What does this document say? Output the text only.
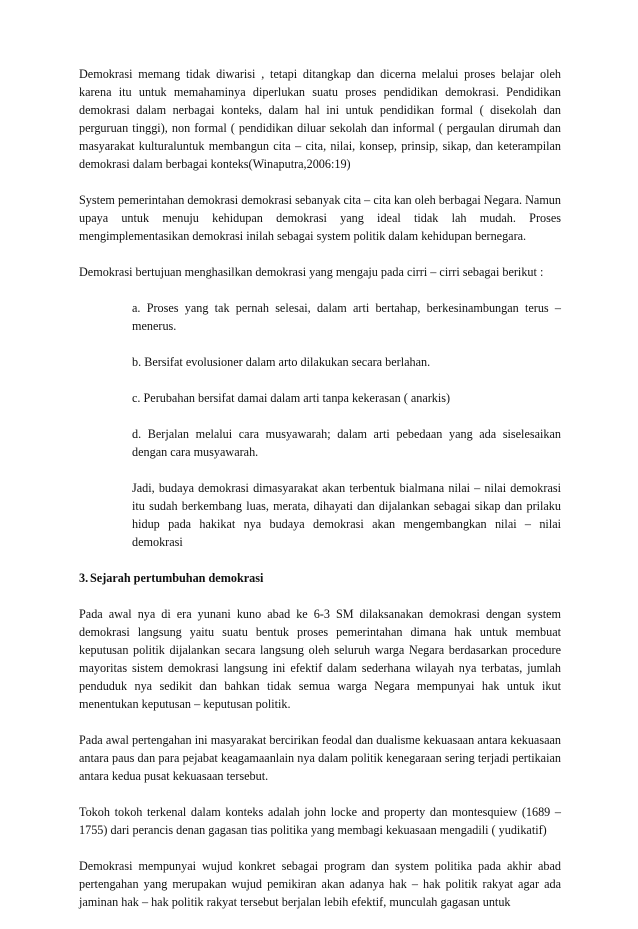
Demokrasi memang tidak diwarisi , tetapi ditangkap dan dicerna melalui proses belajar oleh karena itu untuk memahaminya diperlukan suatu proses pendidikan demokrasi. Pendidikan demokrasi dalam nerbagai konteks, dalam hal ini untuk pendidikan formal ( disekolah dan perguruan tinggi), non formal ( pendidikan diluar sekolah dan informal ( pergaulan dirumah dan masyarakat kulturaluntuk membangun cita – cita, nilai, konsep, prinsip, sikap, dan keterampilan demokrasi dalam berbagai konteks(Winaputra,2006:19)

System pemerintahan demokrasi demokrasi sebanyak cita – cita kan oleh berbagai Negara. Namun upaya untuk menuju kehidupan demokrasi yang ideal tidak lah mudah. Proses mengimplementasikan demokrasi inilah sebagai system politik dalam kehidupan bernegara.

Demokrasi bertujuan menghasilkan demokrasi yang mengaju pada cirri – cirri sebagai berikut :

a. Proses yang tak pernah selesai, dalam arti bertahap, berkesinambungan terus – menerus.

b. Bersifat evolusioner dalam arto dilakukan secara berlahan.

c. Perubahan bersifat damai dalam arti tanpa kekerasan ( anarkis)

d. Berjalan melalui cara musyawarah; dalam arti pebedaan yang ada siselesaikan dengan cara musyawarah.

Jadi, budaya demokrasi dimasyarakat akan terbentuk bialmana nilai – nilai demokrasi itu sudah berkembang luas, merata, dihayati dan dijalankan sebagai sikap dan prilaku hidup pada hakikat nya budaya demokrasi akan mengembangkan nilai – nilai demokrasi

3. Sejarah pertumbuhan demokrasi

Pada awal nya di era yunani kuno abad ke 6-3 SM dilaksanakan demokrasi dengan system demokrasi langsung yaitu suatu bentuk proses pemerintahan dimana hak untuk membuat keputusan politik dijalankan secara langsung oleh seluruh warga Negara berdasarkan procedure mayoritas sistem demokrasi langsung ini efektif dalam sederhana wilayah nya terbatas, jumlah penduduk nya sedikit dan bahkan tidak semua warga Negara mempunyai hak untuk ikut menentukan keputusan – keputusan politik.

Pada awal pertengahan ini masyarakat bercirikan feodal dan dualisme kekuasaan antara kekuasaan antara paus dan para pejabat keagamaanlain nya dalam politik kenegaraan sering terjadi pertikaian antara kedua pusat kekuasaan tersebut.

Tokoh tokoh terkenal dalam konteks adalah john locke and property dan montesquiew (1689 – 1755) dari perancis denan gagasan tias politika yang membagi kekuasaan mengadili ( yudikatif)

Demokrasi mempunyai wujud konkret sebagai program dan system politika pada akhir abad pertengahan yang merupakan wujud pemikiran akan adanya hak – hak politik rakyat agar ada jaminan hak – hak politik rakyat tersebut berjalan lebih efektif, munculah gagasan untuk
